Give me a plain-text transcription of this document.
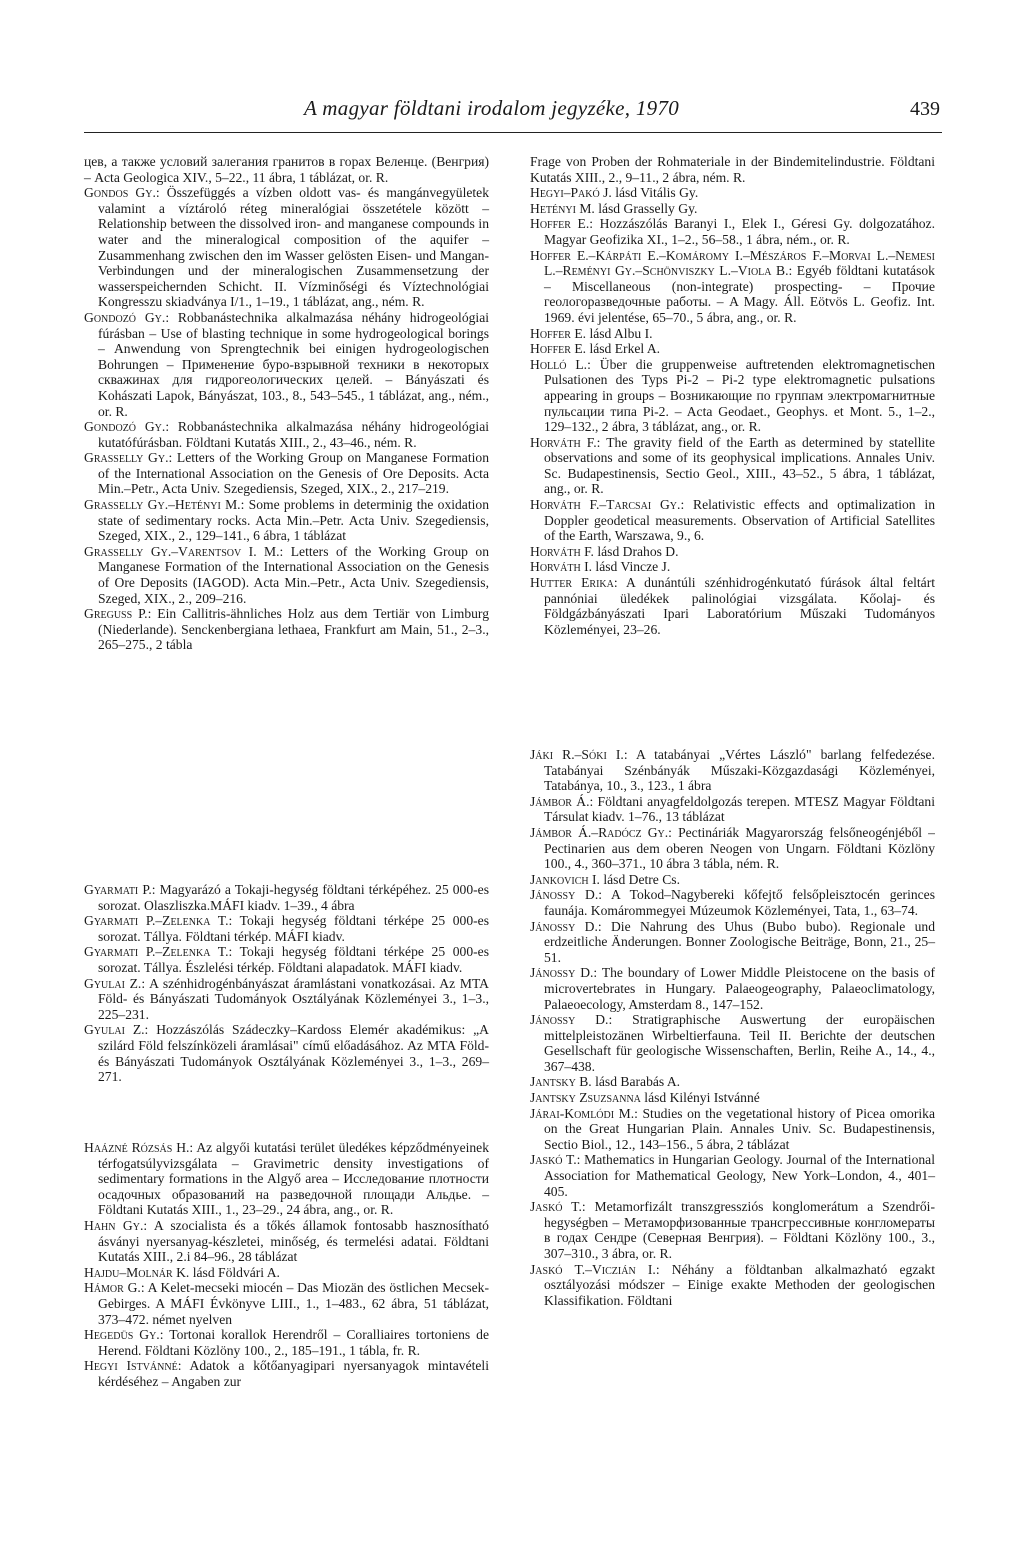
A magyar földtani irodalom jegyzéke, 1970	439

цев, а также условий залегания гранитов в горах Веленце. (Венгрия) – Acta Geologica XIV., 5–22., 11 ábra, 1 táblázat, or. R.

Gondos Gy.: Összefüggés a vízben oldott vas- és mangánvegyületek valamint a víztároló réteg mineralógiai összetétele között – Relationship between the dissolved iron- and manganese compounds in water and the mineralogical composition of the aquifer – Zusammenhang zwischen den im Wasser gelösten Eisen- und Mangan-Verbindungen und der mineralogischen Zusammensetzung der wasserspeichernden Schicht. II. Vízminőségi és Víztechnológiai Kongresszu skiadványa I/1., 1–19., 1 táblázat, ang., ném. R.

Gondozó Gy.: Robbanástechnika alkalmazása néhány hidrogeológiai fúrásban – Use of blasting technique in some hydrogeological borings – Anwendung von Sprengtechnik bei einigen hydrogeologischen Bohrungen – Применение буро-взрывной техники в некоторых скважинах для гидрогеологических целей. – Bányászati és Kohászati Lapok, Bányászat, 103., 8., 543–545., 1 táblázat, ang., ném., or. R.

Gondozó Gy.: Robbanástechnika alkalmazása néhány hidrogeológiai kutatófúrásban. Földtani Kutatás XIII., 2., 43–46., ném. R.

Grasselly Gy.: Letters of the Working Group on Manganese Formation of the International Association on the Genesis of Ore Deposits. Acta Min.–Petr., Acta Univ. Szegediensis, Szeged, XIX., 2., 217–219.

Grasselly Gy.–Hetényi M.: Some problems in determinig the oxidation state of sedimentary rocks. Acta Min.–Petr. Acta Univ. Szegediensis, Szeged, XIX., 2., 129–141., 6 ábra, 1 táblázat

Grasselly Gy.–Varentsov I. M.: Letters of the Working Group on Manganese Formation of the International Association on the Genesis of Ore Deposits (IAGOD). Acta Min.–Petr., Acta Univ. Szegediensis, Szeged, XIX., 2., 209–216.

Greguss P.: Ein Callitris-ähnliches Holz aus dem Tertiär von Limburg (Niederlande). Senckenbergiana lethaea, Frankfurt am Main, 51., 2–3., 265–275., 2 tábla

Gyarmati P.: Magyarázó a Tokaji-hegység földtani térképéhez. 25 000-es sorozat. Olaszliszka.MÁFI kiadv. 1–39., 4 ábra

Gyarmati P.–Zelenka T.: Tokaji hegység földtani térképe 25 000-es sorozat. Tállya. Földtani térkép. MÁFI kiadv.

Gyarmati P.–Zelenka T.: Tokaji hegység földtani térképe 25 000-es sorozat. Tállya. Észlelési térkép. Földtani alapadatok. MÁFI kiadv.

Gyulai Z.: A szénhidrogénbányászat áramlástani vonatkozásai. Az MTA Föld- és Bányászati Tudományok Osztályának Közleményei 3., 1–3., 225–231.

Gyulai Z.: Hozzászólás Szádeczky–Kardoss Elemér akadémikus: „A szilárd Föld felszínközeli áramlásai" című előadásához. Az MTA Föld- és Bányászati Tudományok Osztályának Közleményei 3., 1–3., 269–271.

Haázné Rózsás H.: Az algyői kutatási terület üledékes képződményeinek térfogatsúlyvizsgálata – Gravimetric density investigations of sedimentary formations in the Algyő area – Исследование плотности осадочных образований на разведочной площади Альдьe. – Földtani Kutatás XIII., 1., 23–29., 24 ábra, ang., or. R.

Hahn Gy.: A szocialista és a tőkés államok fontosabb hasznosítható ásványi nyersanyag-készletei, minőség, és termelési adatai. Földtani Kutatás XIII., 2.i 84–96., 28 táblázat

Hajdu–Molnár K. lásd Földvári A.

Hámor G.: A Kelet-mecseki miocén – Das Miozän des östlichen Mecsek-Gebirges. A MÁFI Évkönyve LIII., 1., 1–483., 62 ábra, 51 táblázat, 373–472. német nyelven

Hegedüs Gy.: Tortonai korallok Herendről – Coralliaires tortoniens de Herend. Földtani Közlöny 100., 2., 185–191., 1 tábla, fr. R.

Hegyi Istvánné: Adatok a kőtőanyagipari nyersanyagok mintavételi kérdéséhez – Angaben zur

Frage von Proben der Rohmateriale in der Bindemitelindustrie. Földtani Kutatás XIII., 2., 9–11., 2 ábra, ném. R.

Hegyi–Pakó J. lásd Vitális Gy.

Hetényi M. lásd Grasselly Gy.

Hoffer E.: Hozzászólás Baranyi I., Elek I., Géresi Gy. dolgozatához. Magyar Geofizika XI., 1–2., 56–58., 1 ábra, ném., or. R.

Hoffer E.–Kárpáti E.–Komáromy I.–Mészáros F.–Morvai L.–Nemesi L.–Reményi Gy.–Schönviszky L.–Viola B.: Egyéb földtani kutatások – Miscellaneous (non-integrate) prospecting- – Прочие геологоразведочные работы. – A Magy. Áll. Eötvös L. Geofiz. Int. 1969. évi jelentése, 65–70., 5 ábra, ang., or. R.

Hoffer E. lásd Albu I.

Hoffer E. lásd Erkel A.

Holló L.: Über die gruppenweise auftretenden elektromagnetischen Pulsationen des Typs Pi-2 – Pi-2 type elektromagnetic pulsations appearing in groups – Возникающие по группам электромагнитные пульсации типа Pi-2. – Acta Geodaet., Geophys. et Mont. 5., 1–2., 129–132., 2 ábra, 3 táblázat, ang., or. R.

Horváth F.: The gravity field of the Earth as determined by statellite observations and some of its geophysical implications. Annales Univ. Sc. Budapestinensis, Sectio Geol., XIII., 43–52., 5 ábra, 1 táblázat, ang., or. R.

Horváth F.–Tarcsai Gy.: Relativistic effects and optimalization in Doppler geodetical measurements. Observation of Artificial Satellites of the Earth, Warszawa, 9., 6.

Horváth F. lásd Drahos D.

Horváth I. lásd Vincze J.

Hutter Erika: A dunántúli szénhidrogénkutató fúrások által feltárt pannóniai üledékek palinológiai vizsgálata. Kőolaj- és Földgázbányászati Ipari Laboratórium Műszaki Tudományos Közleményei, 23–26.

Jáki R.–Sóki I.: A tatabányai „Vértes László" barlang felfedezése. Tatabányai Szénbányák Műszaki-Közgazdasági Közleményei, Tatabánya, 10., 3., 123., 1 ábra

Jámbor Á.: Földtani anyagfeldolgozás terepen. MTESZ Magyar Földtani Társulat kiadv. 1–76., 13 táblázat

Jámbor Á.–Radócz Gy.: Pectináriák Magyarország felsőneogénjéből – Pectinarien aus dem oberen Neogen von Ungarn. Földtani Közlöny 100., 4., 360–371., 10 ábra 3 tábla, ném. R.

Jankovich I. lásd Detre Cs.

Jánossy D.: A Tokod–Nagybereki kőfejtő felsőpleisztocén gerinces faunája. Komárommegyei Múzeumok Közleményei, Tata, 1., 63–74.

Jánossy D.: Die Nahrung des Uhus (Bubo bubo). Regionale und erdzeitliche Änderungen. Bonner Zoologische Beiträge, Bonn, 21., 25–51.

Jánossy D.: The boundary of Lower Middle Pleistocene on the basis of microvertebrates in Hungary. Palaeogeography, Palaeoclimatology, Palaeoecology, Amsterdam 8., 147–152.

Jánossy D.: Stratigraphische Auswertung der europäischen mittelpleistozänen Wirbeltierfauna. Teil II. Berichte der deutschen Gesellschaft für geologische Wissenschaften, Berlin, Reihe A., 14., 4., 367–438.

Jantsky B. lásd Barabás A.

Jantsky Zsuzsanna lásd Kilényi Istvánné

Járai-Komlódi M.: Studies on the vegetational history of Picea omorika on the Great Hungarian Plain. Annales Univ. Sc. Budapestinensis, Sectio Biol., 12., 143–156., 5 ábra, 2 táblázat

Jaskó T.: Mathematics in Hungarian Geology. Journal of the International Association for Mathematical Geology, New York–London, 4., 401–405.

Jaskó T.: Metamorfizált transzgressziós konglomerátum a Szendrői-hegységben – Метаморфизованные трансгрессивные конгломераты в годах Сендре (Северная Венгрия). – Földtani Közlöny 100., 3., 307–310., 3 ábra, or. R.

Jaskó T.–Viczián I.: Néhány a földtanban alkalmazható egzakt osztályozási módszer – Einige exakte Methoden der geologischen Klassifikation. Földtani
